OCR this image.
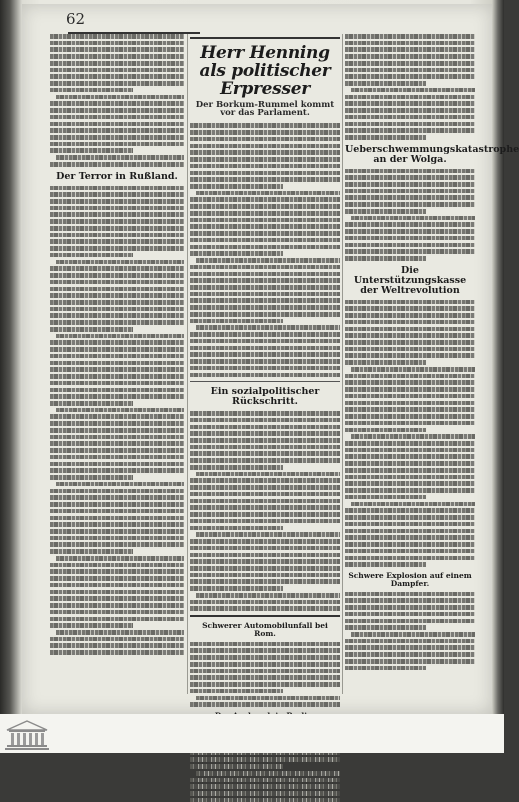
62
Der Terror in Rußland.
Herr Henning als politischer Erpresser
Der Borkum-Rummel kommt vor das Parlament.
Ein sozialpolitischer Rückschritt.
Schwerer Automobilunfall bei Rom.
Ueberschwemmungskatastrophe an der Wolga.
Die Unterstützungskasse der Weltrevolution
Schwere Explosion auf einem Dampfer.
